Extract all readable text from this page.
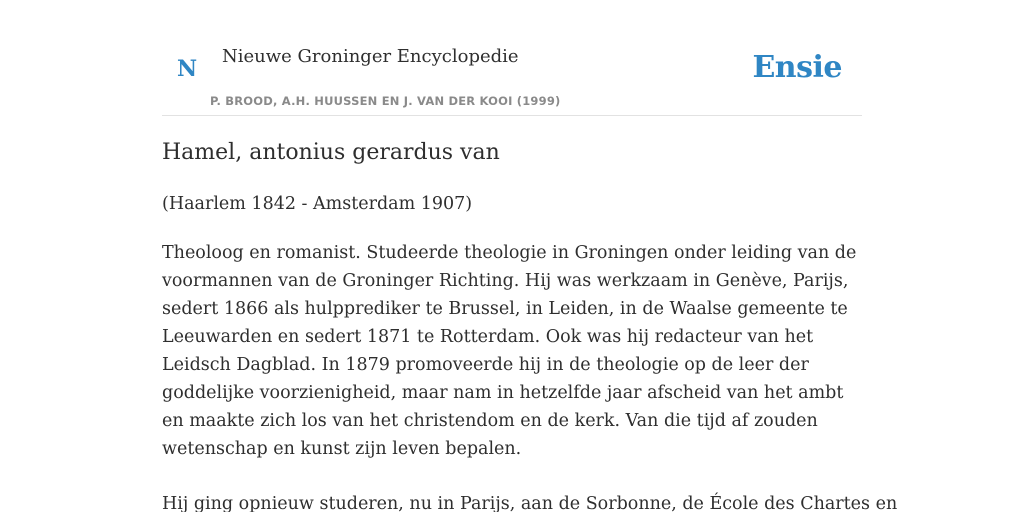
N Nieuwe Groninger Encyclopedie
P. BROOD, A.H. HUUSSEN EN J. VAN DER KOOI (1999)
Ensie
Hamel, antonius gerardus van

(Haarlem 1842 - Amsterdam 1907)

Theoloog en romanist. Studeerde theologie in Groningen onder leiding van de voormannen van de Groninger Richting. Hij was werkzaam in Genève, Parijs, sedert 1866 als hulpprediker te Brussel, in Leiden, in de Waalse gemeente te Leeuwarden en sedert 1871 te Rotterdam. Ook was hij redacteur van het Leidsch Dagblad. In 1879 promoveerde hij in de theologie op de leer der goddelijke voorzienigheid, maar nam in hetzelfde jaar afscheid van het ambt en maakte zich los van het christendom en de kerk. Van die tijd af zouden wetenschap en kunst zijn leven bepalen.

Hij ging opnieuw studeren, nu in Parijs, aan de Sorbonne, de École des Chartes en
